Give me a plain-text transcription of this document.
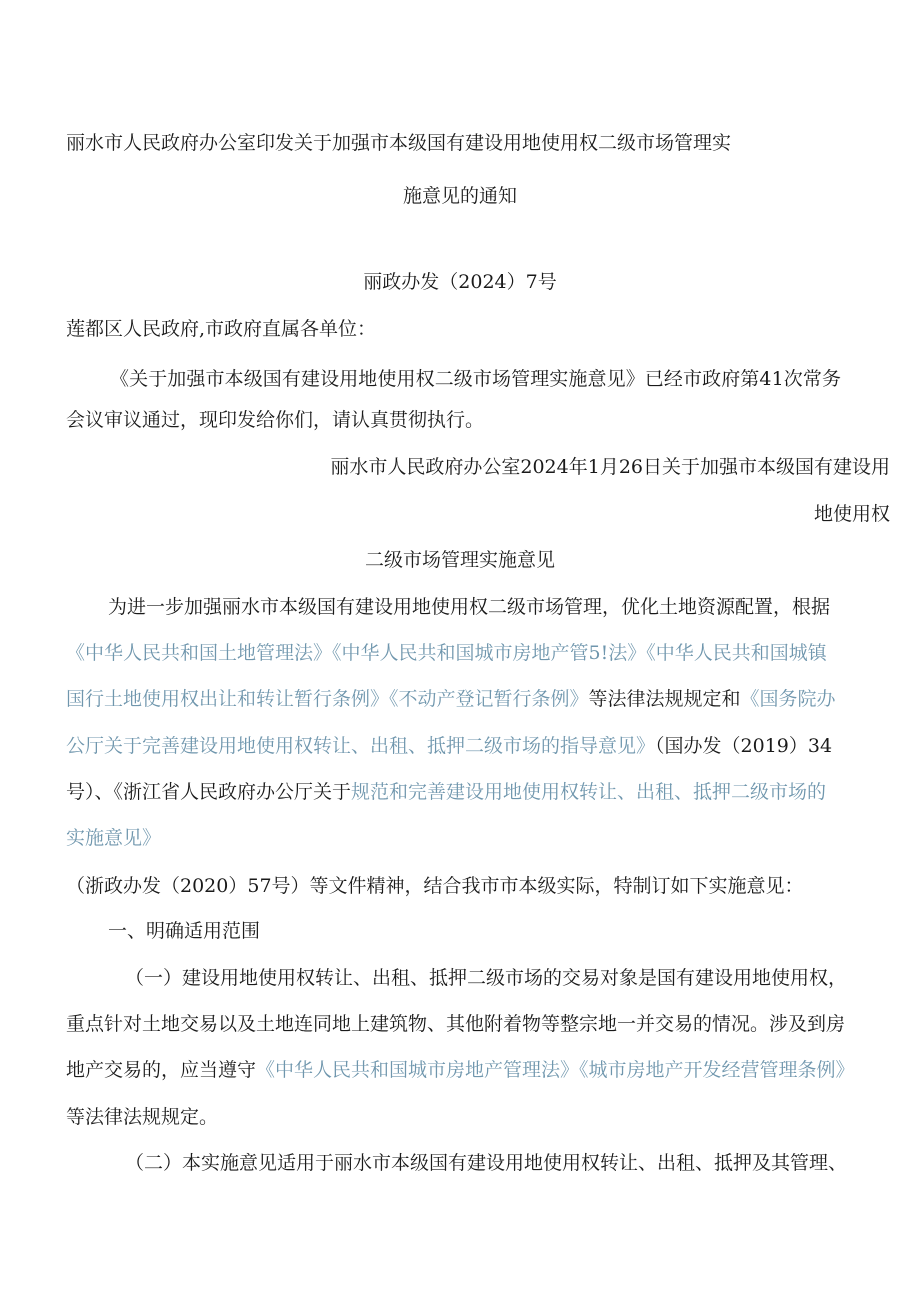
丽水市人民政府办公室印发关于加强市本级国有建设用地使用权二级市场管理实
施意见的通知
丽政办发（2024）7号
莲都区人民政府,市政府直属各单位：
《关于加强市本级国有建设用地使用权二级市场管理实施意见》已经市政府第41次常务
会议审议通过，现印发给你们，请认真贯彻执行。
丽水市人民政府办公室2024年1月26日关于加强市本级国有建设用
地使用权
二级市场管理实施意见
为进一步加强丽水市本级国有建设用地使用权二级市场管理，优化土地资源配置，根据
《中华人民共和国土地管理法》《中华人民共和国城市房地产管5!法》《中华人民共和国城镇
国行土地使用权出让和转让暂行条例》《不动产登记暂行条例》等法律法规规定和《国务院办
公厅关于完善建设用地使用权转让、出租、抵押二级市场的指导意见》（国办发（2019）34
号）、《浙江省人民政府办公厅关于规范和完善建设用地使用权转让、出租、抵押二级市场的
实施意见》
（浙政办发（2020）57号）等文件精神，结合我市市本级实际，特制订如下实施意见：
一、明确适用范围
（一）建设用地使用权转让、出租、抵押二级市场的交易对象是国有建设用地使用权，
重点针对土地交易以及土地连同地上建筑物、其他附着物等整宗地一并交易的情况。涉及到房
地产交易的，应当遵守《中华人民共和国城市房地产管理法》《城市房地产开发经营管理条例》
等法律法规规定。
（二）本实施意见适用于丽水市本级国有建设用地使用权转让、出租、抵押及其管理、
